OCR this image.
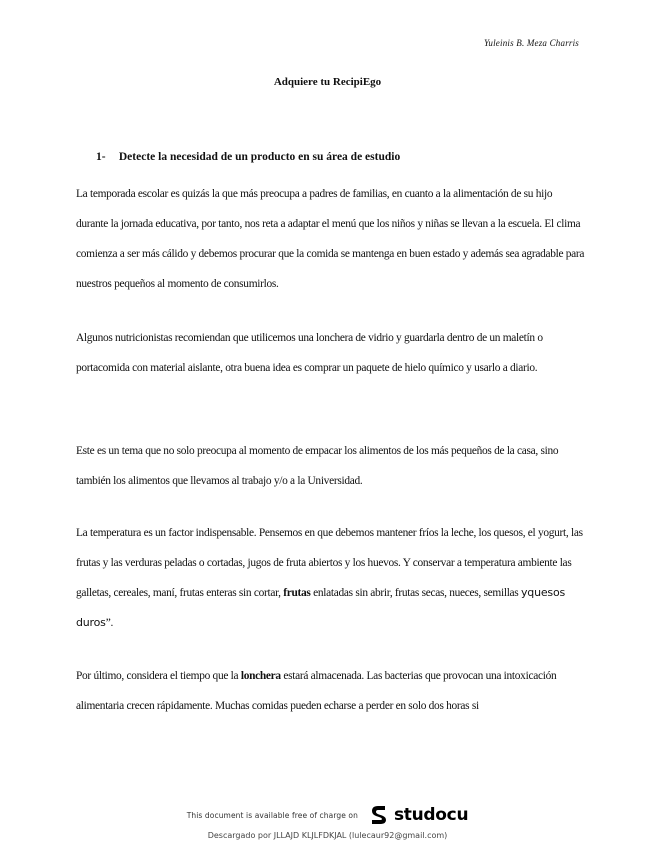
Yuleinis B. Meza Charris
Adquiere tu RecipiEgo
1- Detecte la necesidad de un producto en su área de estudio

La temporada escolar es quizás la que más preocupa a padres de familias, en cuanto a la alimentación de su hijo durante la jornada educativa, por tanto, nos reta a adaptar el menú que los niños y niñas se llevan a la escuela. El clima comienza a ser más cálido y debemos procurar que la comida se mantenga en buen estado y además sea agradable para nuestros pequeños al momento de consumirlos.

Algunos nutricionistas recomiendan que utilicemos una lonchera de vidrio y guardarla dentro de un maletín o portacomida con material aislante, otra buena idea es comprar un paquete de hielo químico y usarlo a diario.

Este es un tema que no solo preocupa al momento de empacar los alimentos de los más pequeños de la casa, sino también los alimentos que llevamos al trabajo y/o a la Universidad.

La temperatura es un factor indispensable. Pensemos en que debemos mantener fríos la leche, los quesos, el yogurt, las frutas y las verduras peladas o cortadas, jugos de fruta abiertos y los huevos. Y conservar a temperatura ambiente las galletas, cereales, maní, frutas enteras sin cortar, frutas enlatadas sin abrir, frutas secas, nueces, semillas yquesos duros”.

Por último, considera el tiempo que la lonchera estará almacenada. Las bacterias que provocan una intoxicación alimentaria crecen rápidamente. Muchas comidas pueden echarse a perder en solo dos horas si

This document is available free of charge on studocu
Descargado por JLLAJD KLJLFDKJAL (lulecaur92@gmail.com)
